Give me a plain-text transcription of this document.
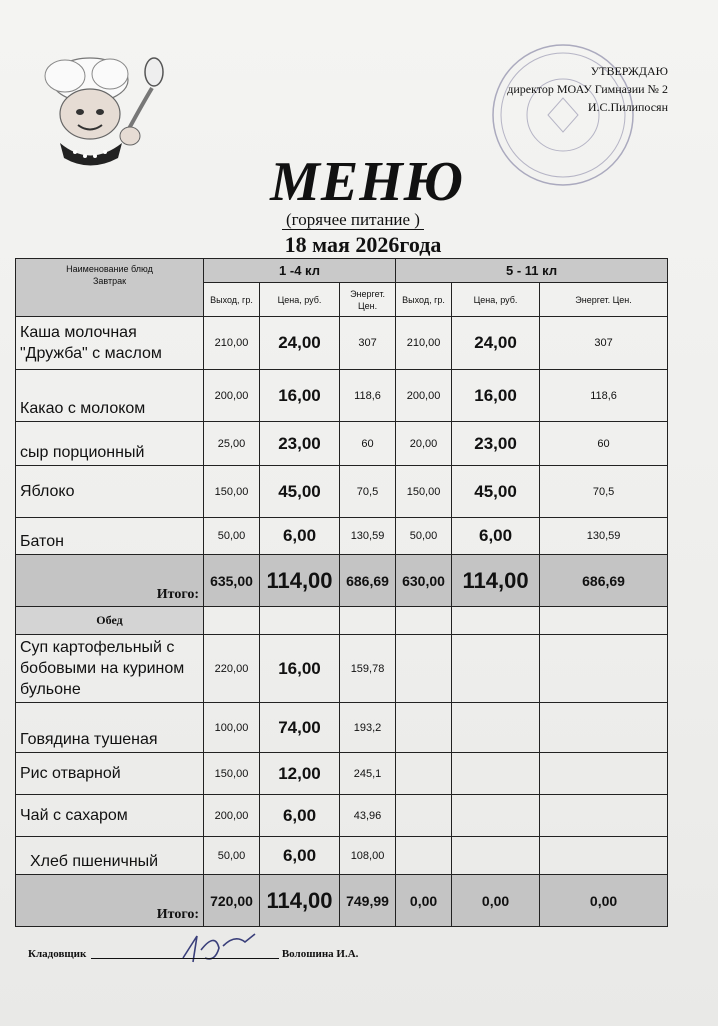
УТВЕРЖДАЮ
директор МОАУ Гимназии № 2
И.С.Пилипосян
МЕНЮ
(горячее питание )
18 мая 2026года
Наименование блюд
Завтрак	1 -4 кл			5 - 11 кл		
	Выход, гр.	Цена, руб.	Энергет. Цен.	Выход, гр.	Цена, руб.	Энергет. Цен.
Каша молочная "Дружба" с маслом	210,00	24,00	307	210,00	24,00	307
Какао с молоком	200,00	16,00	118,6	200,00	16,00	118,6
сыр порционный	25,00	23,00	60	20,00	23,00	60
Яблоко	150,00	45,00	70,5	150,00	45,00	70,5
Батон	50,00	6,00	130,59	50,00	6,00	130,59
Итого:	635,00	114,00	686,69	630,00	114,00	686,69
Обед						
Суп картофельный с бобовыми на курином бульоне	220,00	16,00	159,78			
Говядина тушеная	100,00	74,00	193,2			
Рис отварной	150,00	12,00	245,1			
Чай с сахаром	200,00	6,00	43,96			
Хлеб пшеничный	50,00	6,00	108,00			
Итого:	720,00	114,00	749,99	0,00	0,00	0,00
Кладовщик	Волошина И.А.
